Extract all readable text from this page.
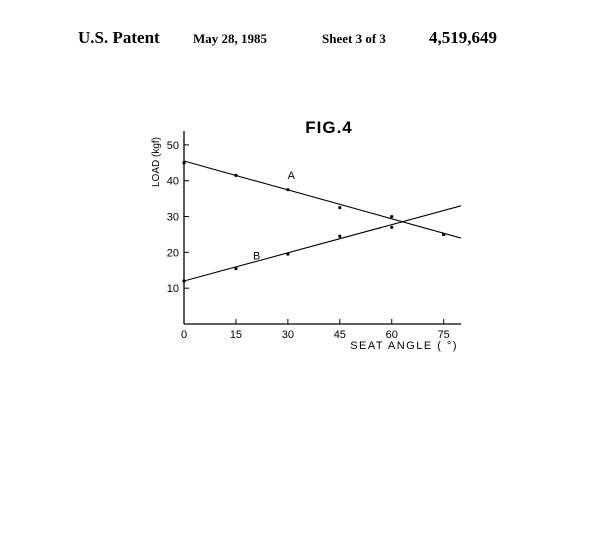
U.S. Patent	May 28, 1985	Sheet 3 of 3	4,519,649
FIG.4
LOAD (kgf)
SEAT ANGLE ( °)
0	15	30	45	60	75
10
20
30
40
50
A
B
